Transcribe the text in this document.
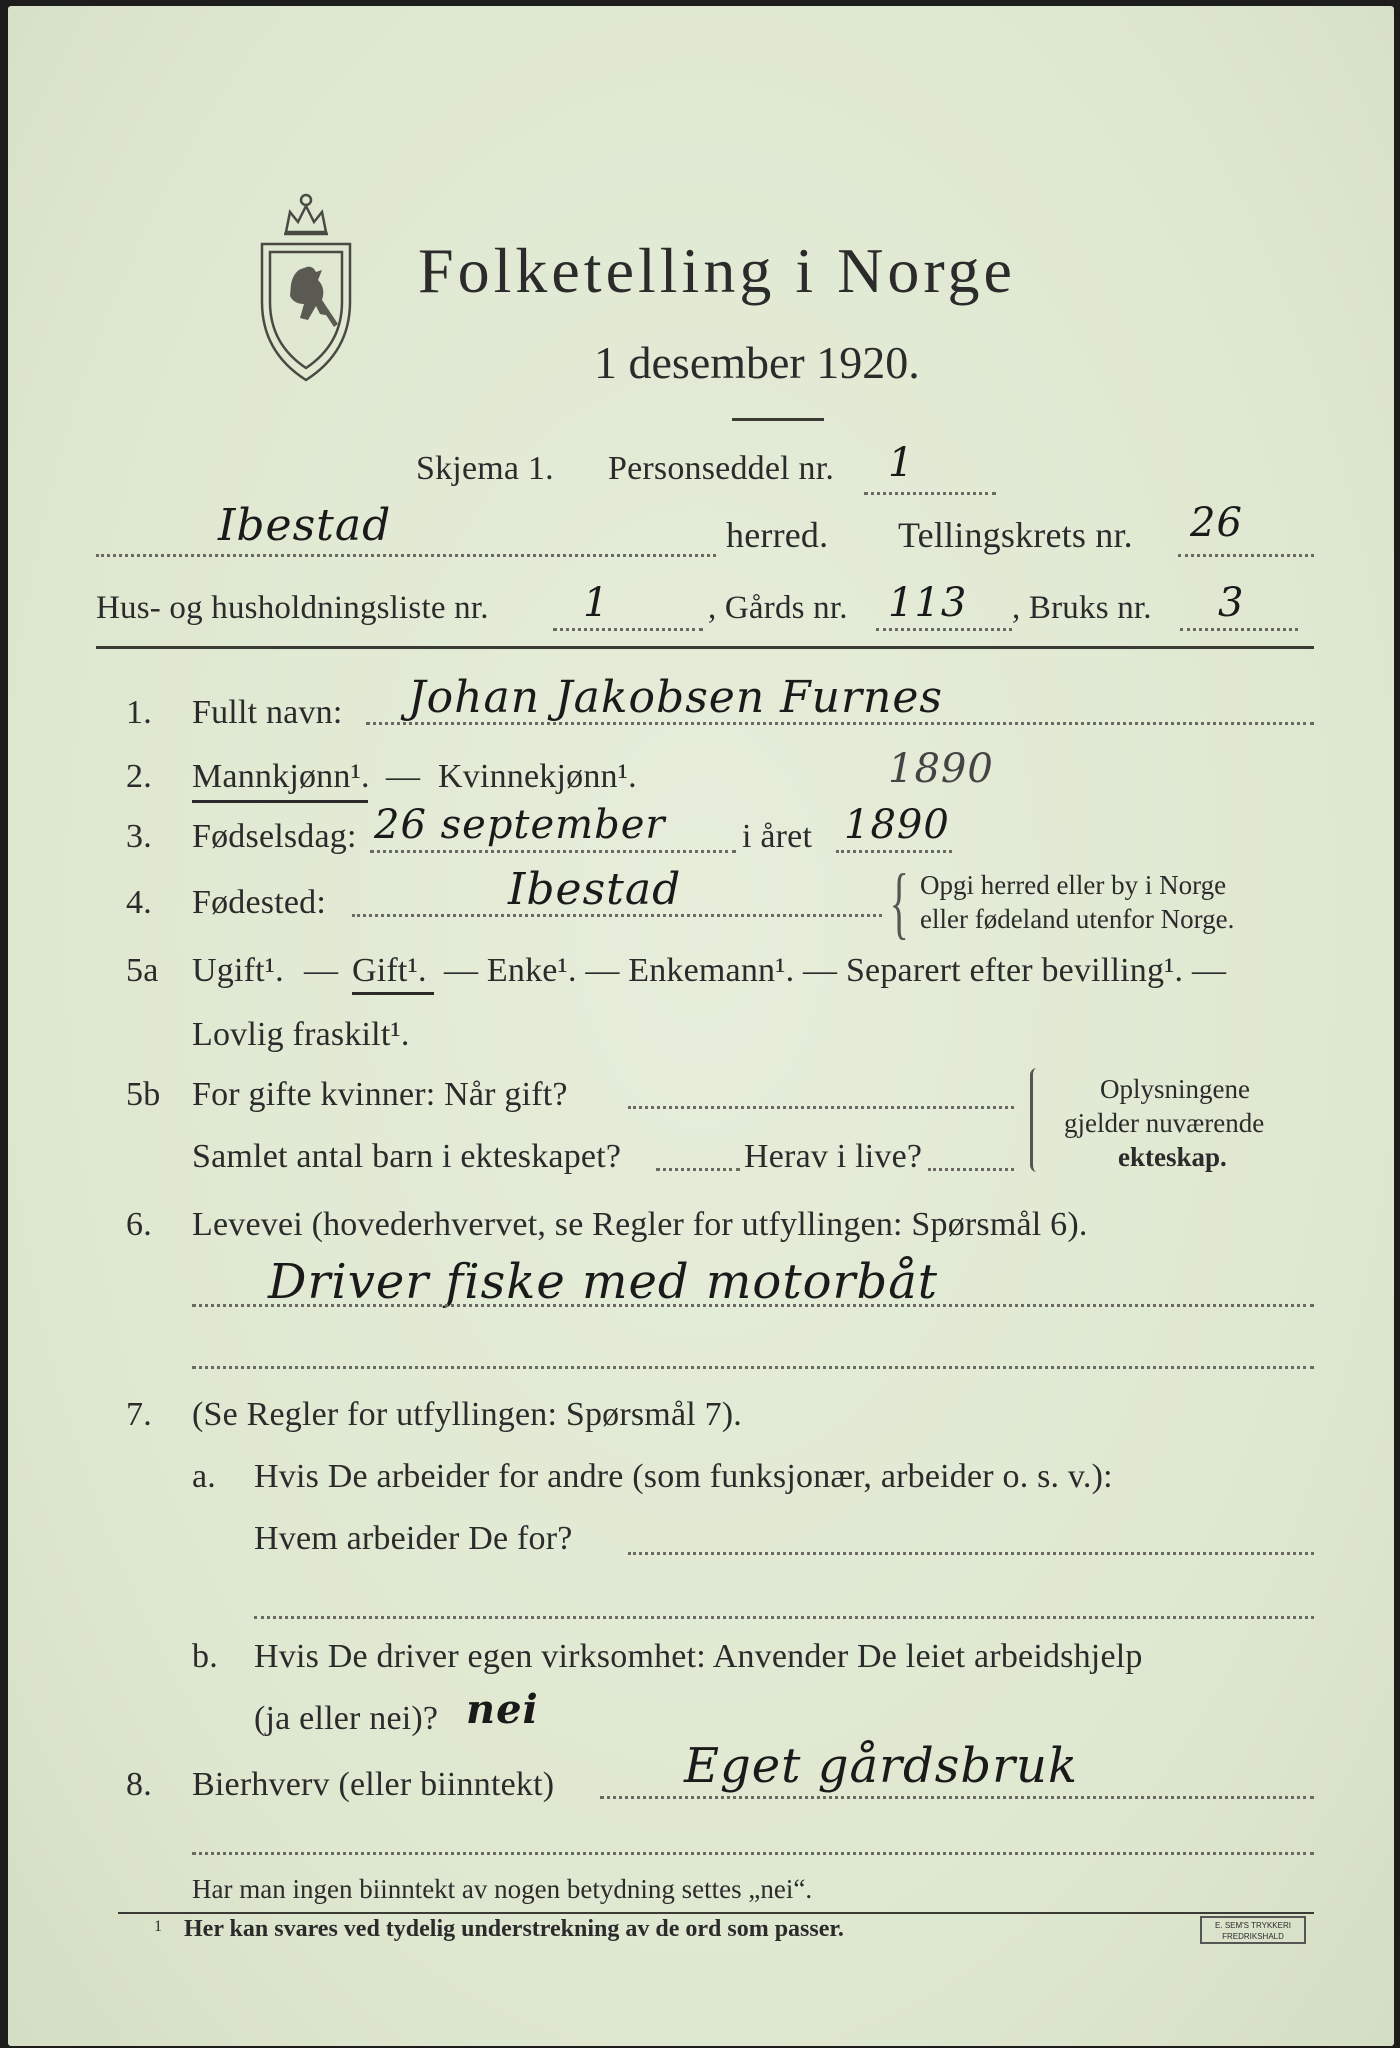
Folketelling i Norge
1 desember 1920.
Skjema 1. Personseddel nr. 1
Ibestad	herred. Tellingskrets nr. 26
Hus- og husholdningsliste nr. 1	, Gårds nr. 113 , Bruks nr. 3
1. Fullt navn: Johan Jakobsen Furnes
2. Mannkjønn¹. — Kvinnekjønn¹.	1890
3. Fødselsdag: 26 september i året 1890
4. Fødested:	Ibestad	{ Opgi herred eller by i Norge
eller fødeland utenfor Norge.
5a Ugift¹. — Gift¹. — Enke¹. — Enkemann¹. — Separert efter bevilling¹. —
Lovlig fraskilt¹.
5b For gifte kvinner: Når gift?
Samlet antal barn i ekteskapet?	Herav i live?
Oplysningene
gjelder nuværende
ekteskap.
6. Levevei (hovederhvervet, se Regler for utfyllingen: Spørsmål 6).
Driver fiske med motorbåt
7. (Se Regler for utfyllingen: Spørsmål 7).
a. Hvis De arbeider for andre (som funksjonær, arbeider o. s. v.):
Hvem arbeider De for?
b. Hvis De driver egen virksomhet: Anvender De leiet arbeidshjelp
(ja eller nei)? nei
8. Bierhverv (eller biinntekt)	Eget gårdsbruk
Har man ingen biinntekt av nogen betydning settes „nei“.
1 Her kan svares ved tydelig understrekning av de ord som passer.	E. SEM'S TRYKKERI
FREDRIKSHALD
